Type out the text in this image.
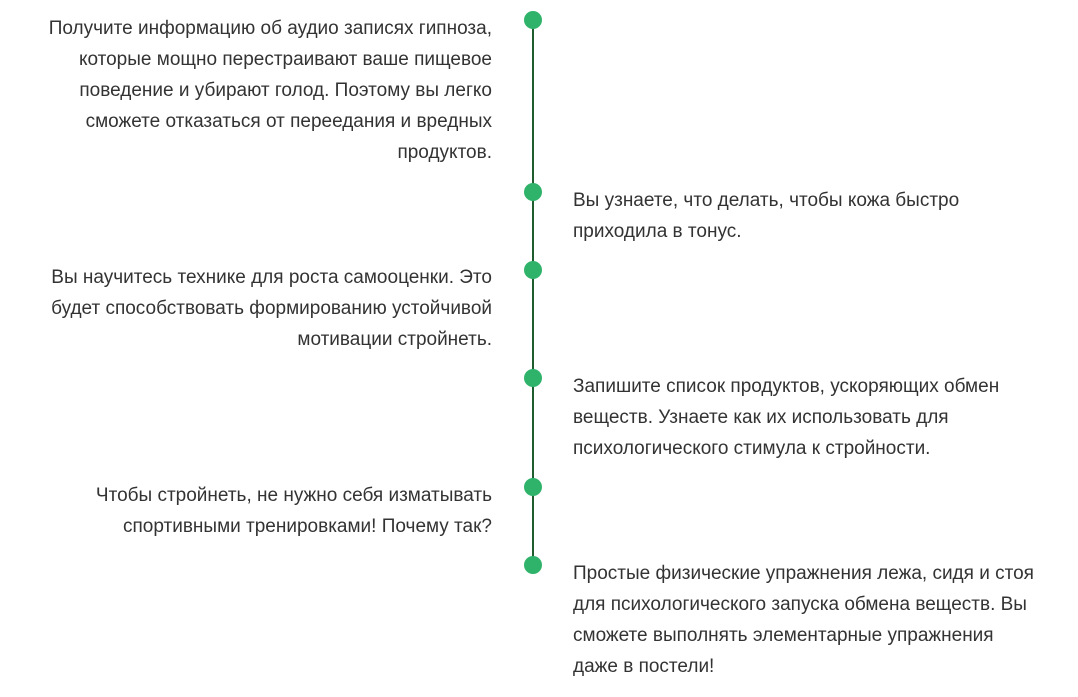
Получите информацию об аудио записях гипноза,
которые мощно перестраивают ваше пищевое
поведение и убирают голод. Поэтому вы легко
сможете отказаться от переедания и вредных
продуктов.

Вы узнаете, что делать, чтобы кожа быстро
приходила в тонус.

Вы научитесь технике для роста самооценки. Это
будет способствовать формированию устойчивой
мотивации стройнеть.

Запишите список продуктов, ускоряющих обмен
веществ. Узнаете как их использовать для
психологического стимула к стройности.

Чтобы стройнеть, не нужно себя изматывать
спортивными тренировками! Почему так?

Простые физические упражнения лежа, сидя и стоя
для психологического запуска обмена веществ. Вы
сможете выполнять элементарные упражнения
даже в постели!
